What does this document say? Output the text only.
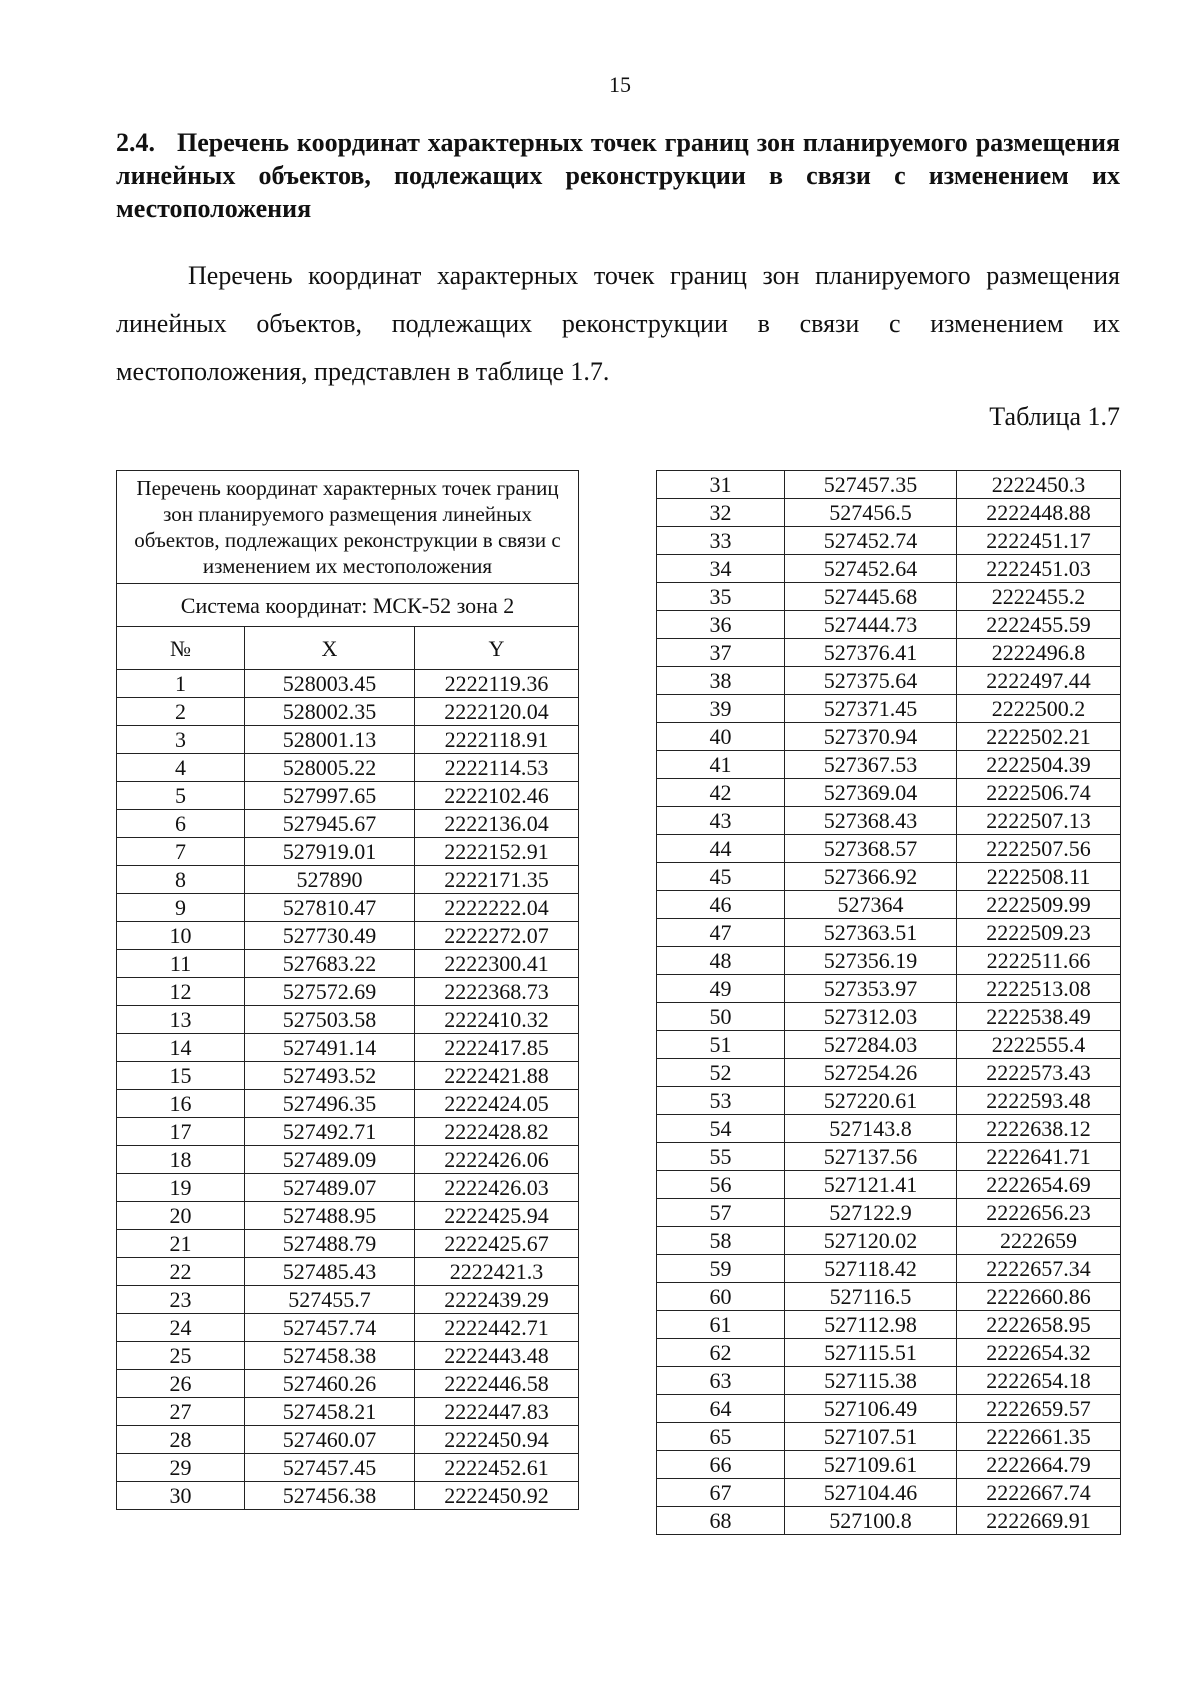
15
2.4. Перечень координат характерных точек границ зон планируемого размещения линейных объектов, подлежащих реконструкции в связи с изменением их местоположения
Перечень координат характерных точек границ зон планируемого размещения линейных объектов, подлежащих реконструкции в связи с изменением их местоположения, представлен в таблице 1.7.
Таблица 1.7
Перечень координат характерных точек границ зон планируемого размещения линейных объектов, подлежащих реконструкции в связи с изменением их местоположения		
Система координат: МСК-52 зона 2		
№	X	Y
1	528003.45	2222119.36
2	528002.35	2222120.04
3	528001.13	2222118.91
4	528005.22	2222114.53
5	527997.65	2222102.46
6	527945.67	2222136.04
7	527919.01	2222152.91
8	527890	2222171.35
9	527810.47	2222222.04
10	527730.49	2222272.07
11	527683.22	2222300.41
12	527572.69	2222368.73
13	527503.58	2222410.32
14	527491.14	2222417.85
15	527493.52	2222421.88
16	527496.35	2222424.05
17	527492.71	2222428.82
18	527489.09	2222426.06
19	527489.07	2222426.03
20	527488.95	2222425.94
21	527488.79	2222425.67
22	527485.43	2222421.3
23	527455.7	2222439.29
24	527457.74	2222442.71
25	527458.38	2222443.48
26	527460.26	2222446.58
27	527458.21	2222447.83
28	527460.07	2222450.94
29	527457.45	2222452.61
30	527456.38	2222450.92
31	527457.35	2222450.3
32	527456.5	2222448.88
33	527452.74	2222451.17
34	527452.64	2222451.03
35	527445.68	2222455.2
36	527444.73	2222455.59
37	527376.41	2222496.8
38	527375.64	2222497.44
39	527371.45	2222500.2
40	527370.94	2222502.21
41	527367.53	2222504.39
42	527369.04	2222506.74
43	527368.43	2222507.13
44	527368.57	2222507.56
45	527366.92	2222508.11
46	527364	2222509.99
47	527363.51	2222509.23
48	527356.19	2222511.66
49	527353.97	2222513.08
50	527312.03	2222538.49
51	527284.03	2222555.4
52	527254.26	2222573.43
53	527220.61	2222593.48
54	527143.8	2222638.12
55	527137.56	2222641.71
56	527121.41	2222654.69
57	527122.9	2222656.23
58	527120.02	2222659
59	527118.42	2222657.34
60	527116.5	2222660.86
61	527112.98	2222658.95
62	527115.51	2222654.32
63	527115.38	2222654.18
64	527106.49	2222659.57
65	527107.51	2222661.35
66	527109.61	2222664.79
67	527104.46	2222667.74
68	527100.8	2222669.91
